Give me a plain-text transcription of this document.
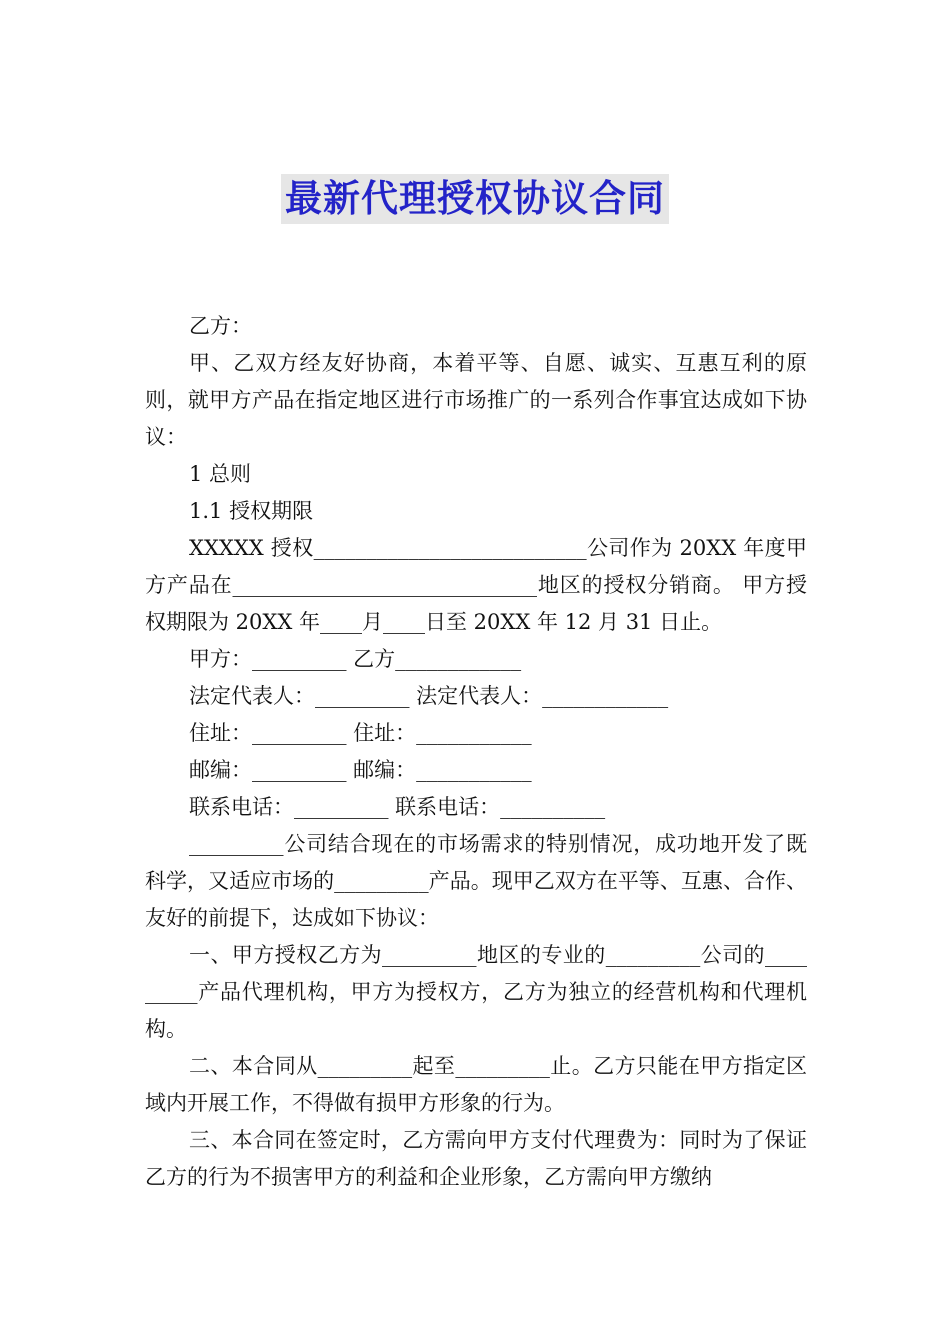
最新代理授权协议合同

乙方：

甲、乙双方经友好协商，本着平等、自愿、诚实、互惠互利的原则，就甲方产品在指定地区进行市场推广的一系列合作事宜达成如下协议：

1 总则

1.1 授权期限

XXXXX 授权__________________________公司作为 20XX 年度甲方产品在_____________________________地区的授权分销商。 甲方授权期限为 20XX 年____月____日至 20XX 年 12 月 31 日止。

甲方：_________ 乙方____________

法定代表人：_________ 法定代表人：____________

住址：_________ 住址：___________

邮编：_________ 邮编：___________

联系电话：_________ 联系电话：__________

_________公司结合现在的市场需求的特别情况，成功地开发了既科学，又适应市场的_________产品。现甲乙双方在平等、互惠、合作、友好的前提下，达成如下协议：

一、甲方授权乙方为_________地区的专业的_________公司的_________产品代理机构，甲方为授权方，乙方为独立的经营机构和代理机构。

二、本合同从_________起至_________止。乙方只能在甲方指定区域内开展工作，不得做有损甲方形象的行为。

三、本合同在签定时，乙方需向甲方支付代理费为：同时为了保证乙方的行为不损害甲方的利益和企业形象，乙方需向甲方缴纳
